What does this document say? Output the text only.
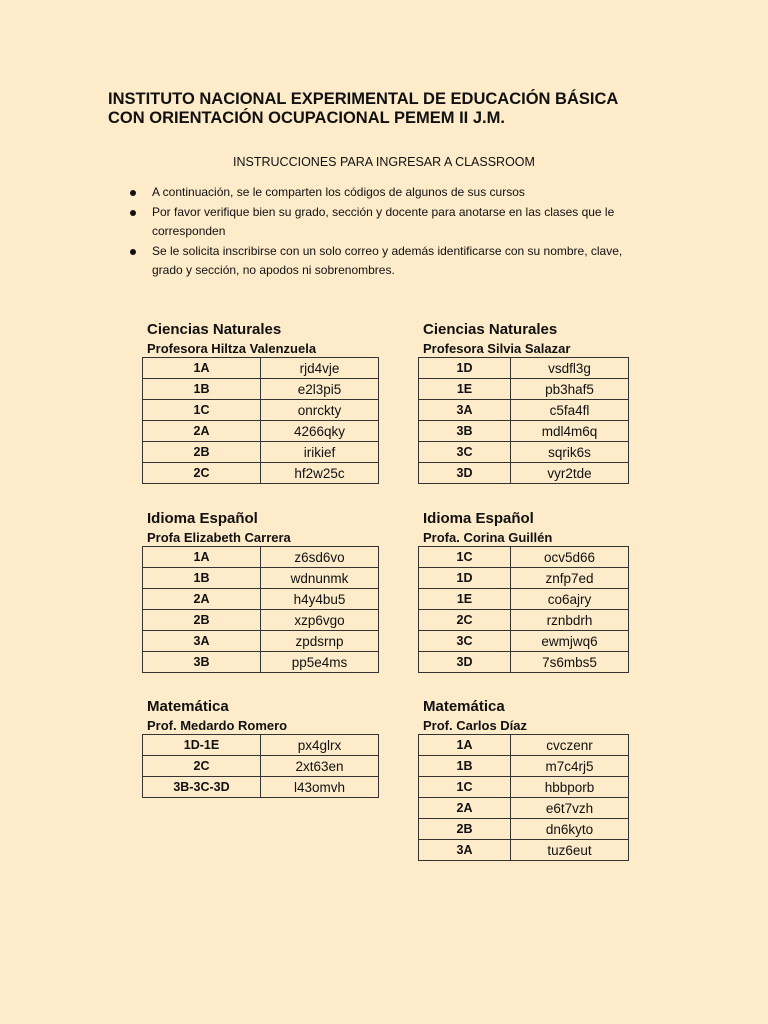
INSTITUTO NACIONAL EXPERIMENTAL DE EDUCACIÓN BÁSICA
CON ORIENTACIÓN OCUPACIONAL PEMEM II J.M.
INSTRUCCIONES PARA INGRESAR A CLASSROOM
A continuación, se le comparten los códigos de algunos de sus cursos
Por favor verifique bien su grado, sección y docente para anotarse en las clases que le corresponden
Se le solicita inscribirse con un solo correo y además identificarse con su nombre, clave, grado y sección, no apodos ni sobrenombres.
Ciencias Naturales
Profesora Hiltza Valenzuela
1A	rjd4vje
1B	e2l3pi5
1C	onrckty
2A	4266qky
2B	irikief
2C	hf2w25c
Ciencias Naturales
Profesora Silvia Salazar
1D	vsdfl3g
1E	pb3haf5
3A	c5fa4fl
3B	mdl4m6q
3C	sqrik6s
3D	vyr2tde
Idioma Español
Profa Elizabeth Carrera
1A	z6sd6vo
1B	wdnunmk
2A	h4y4bu5
2B	xzp6vgo
3A	zpdsrnp
3B	pp5e4ms
Idioma Español
Profa. Corina Guillén
1C	ocv5d66
1D	znfp7ed
1E	co6ajry
2C	rznbdrh
3C	ewmjwq6
3D	7s6mbs5
Matemática
Prof. Medardo Romero
1D-1E	px4glrx
2C	2xt63en
3B-3C-3D	l43omvh
Matemática
Prof. Carlos Díaz
1A	cvczenr
1B	m7c4rj5
1C	hbbporb
2A	e6t7vzh
2B	dn6kyto
3A	tuz6eut
